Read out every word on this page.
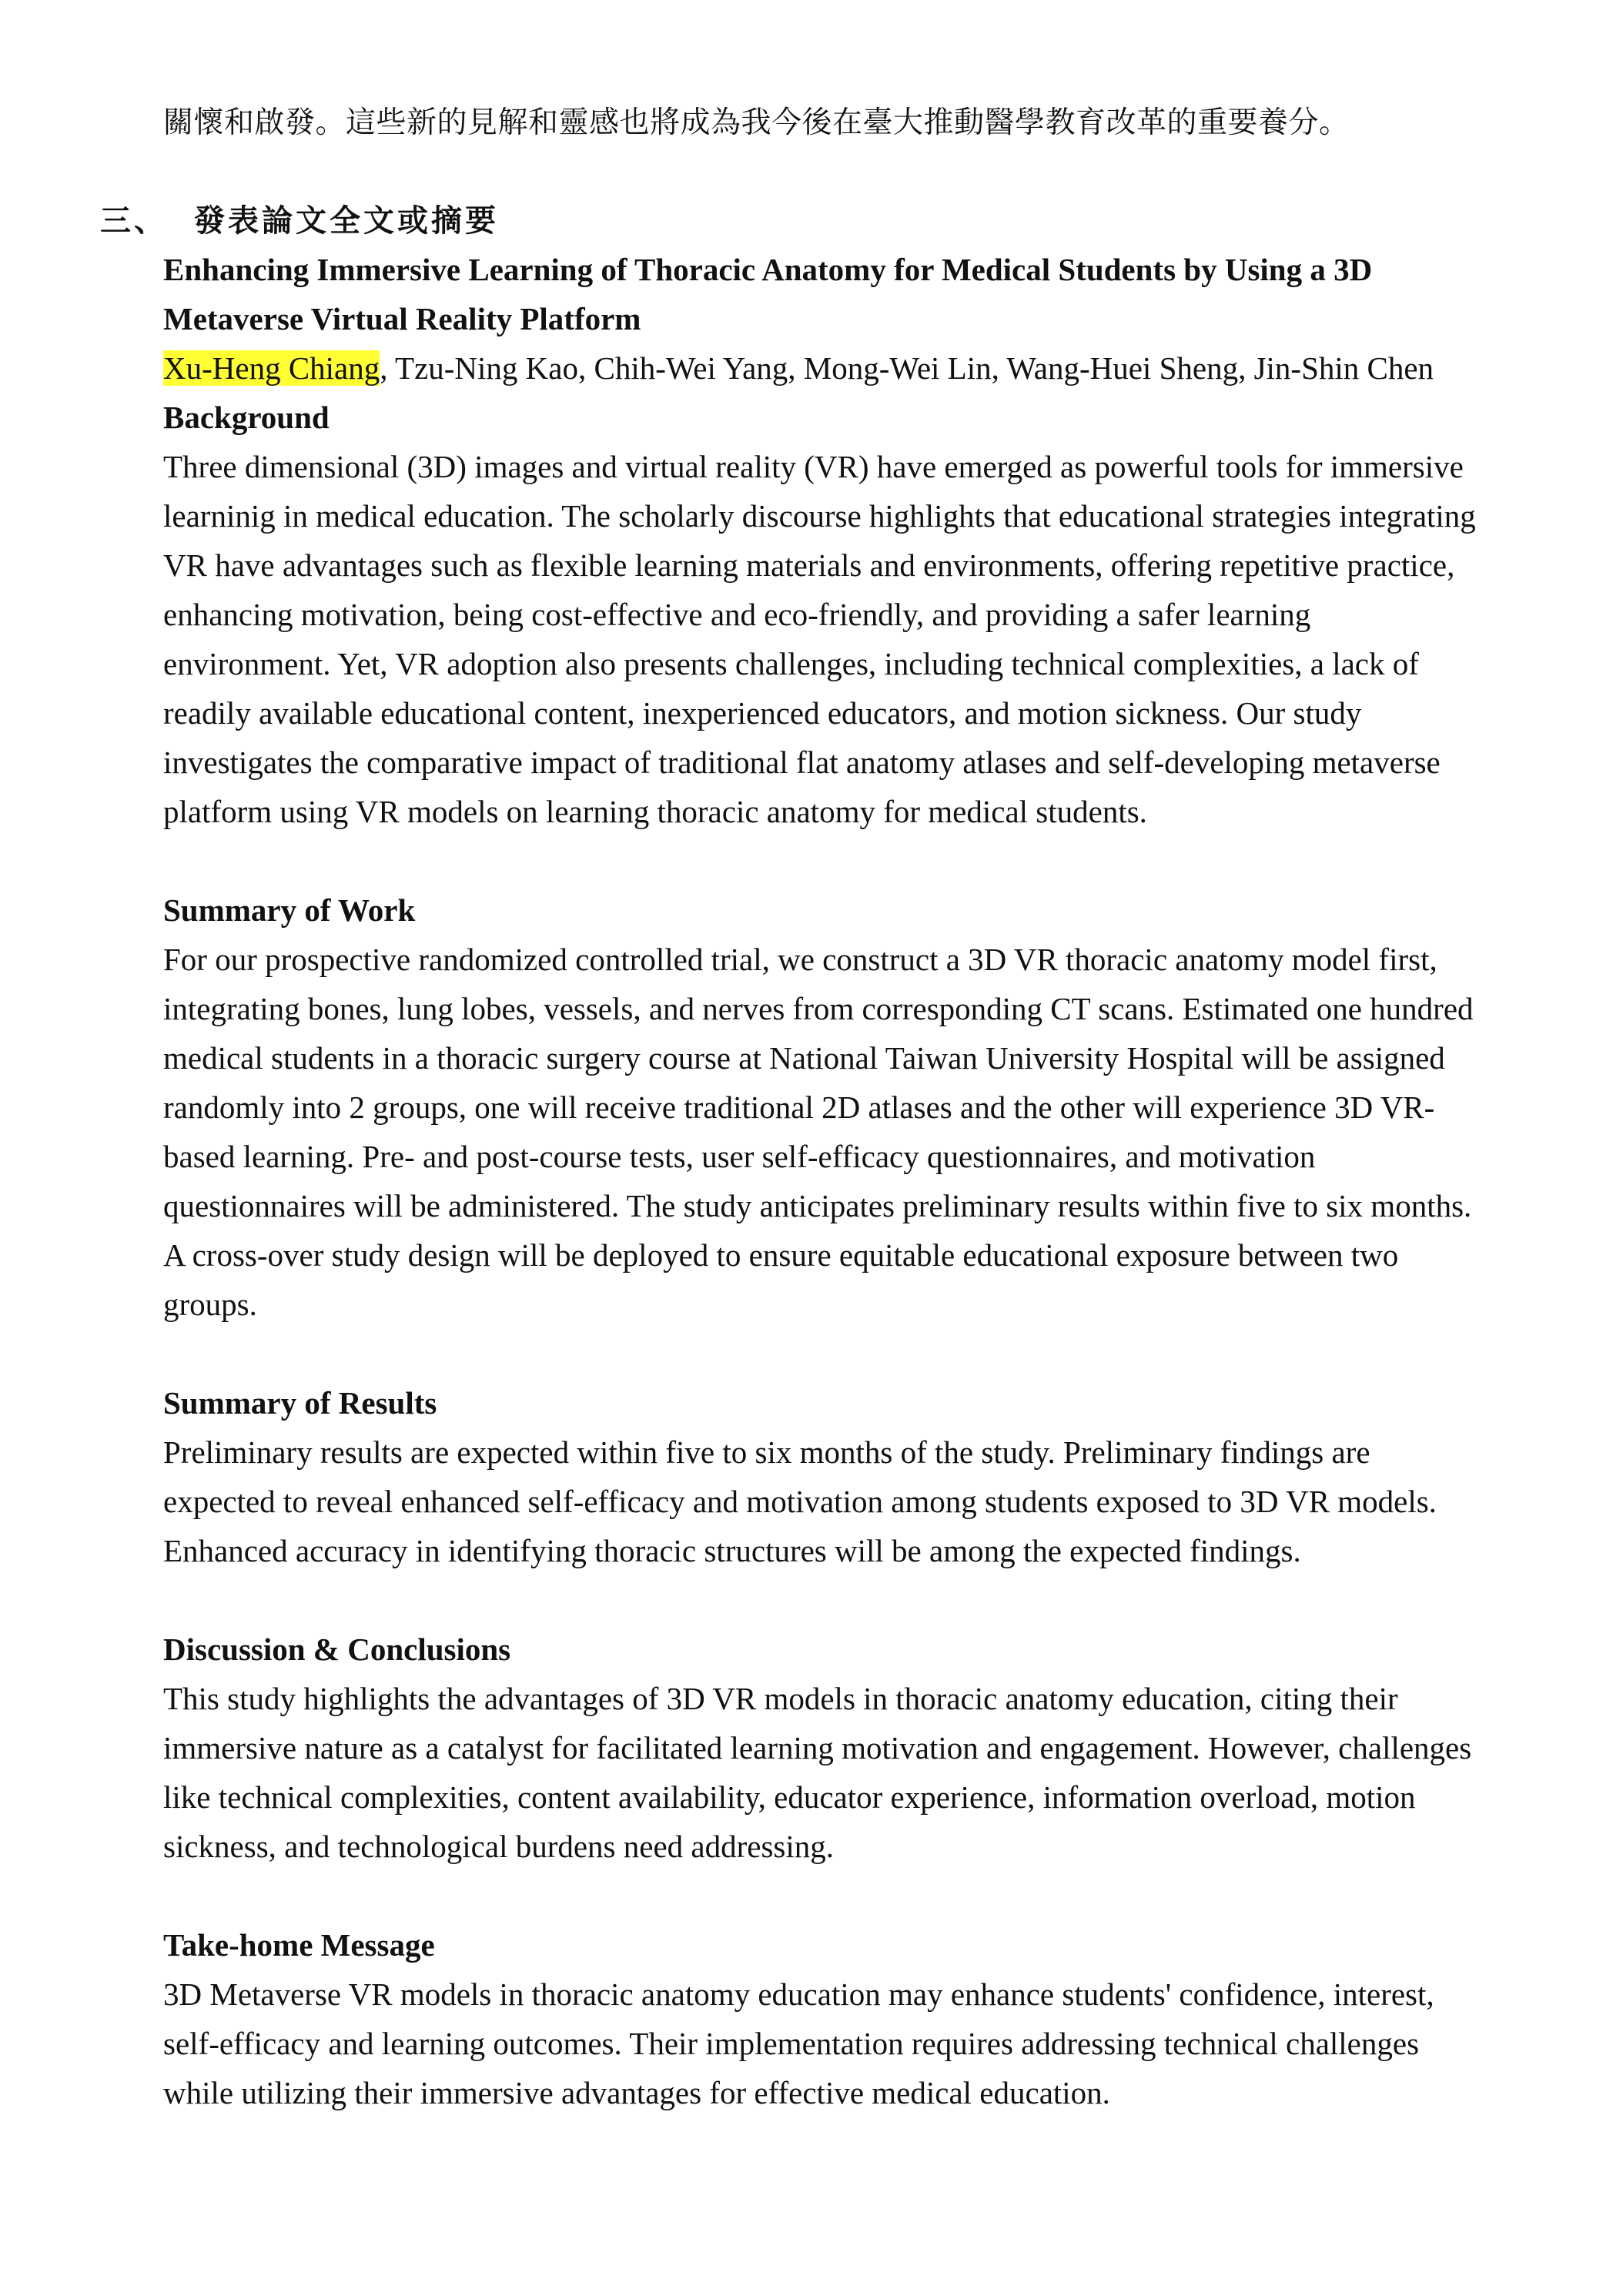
關懷和啟發。這些新的見解和靈感也將成為我今後在臺大推動醫學教育改革的重要養分。
三、 發表論文全文或摘要

Enhancing Immersive Learning of Thoracic Anatomy for Medical Students by Using a 3D

Metaverse Virtual Reality Platform

Xu-Heng Chiang, Tzu-Ning Kao, Chih-Wei Yang, Mong-Wei Lin, Wang-Huei Sheng, Jin-Shin Chen
Background

Three dimensional (3D) images and virtual reality (VR) have emerged as powerful tools for immersive

learninig in medical education. The scholarly discourse highlights that educational strategies integrating

VR have advantages such as flexible learning materials and environments, offering repetitive practice,

enhancing motivation, being cost-effective and eco-friendly, and providing a safer learning

environment. Yet, VR adoption also presents challenges, including technical complexities, a lack of

readily available educational content, inexperienced educators, and motion sickness. Our study

investigates the comparative impact of traditional flat anatomy atlases and self-developing metaverse

platform using VR models on learning thoracic anatomy for medical students.

Summary of Work

For our prospective randomized controlled trial, we construct a 3D VR thoracic anatomy model first,

integrating bones, lung lobes, vessels, and nerves from corresponding CT scans. Estimated one hundred

medical students in a thoracic surgery course at National Taiwan University Hospital will be assigned

randomly into 2 groups, one will receive traditional 2D atlases and the other will experience 3D VR-

based learning. Pre- and post-course tests, user self-efficacy questionnaires, and motivation

questionnaires will be administered. The study anticipates preliminary results within five to six months.

A cross-over study design will be deployed to ensure equitable educational exposure between two

groups.

Summary of Results

Preliminary results are expected within five to six months of the study. Preliminary findings are

expected to reveal enhanced self-efficacy and motivation among students exposed to 3D VR models.

Enhanced accuracy in identifying thoracic structures will be among the expected findings.

Discussion & Conclusions

This study highlights the advantages of 3D VR models in thoracic anatomy education, citing their

immersive nature as a catalyst for facilitated learning motivation and engagement. However, challenges

like technical complexities, content availability, educator experience, information overload, motion

sickness, and technological burdens need addressing.

Take-home Message

3D Metaverse VR models in thoracic anatomy education may enhance students' confidence, interest,

self-efficacy and learning outcomes. Their implementation requires addressing technical challenges

while utilizing their immersive advantages for effective medical education.
